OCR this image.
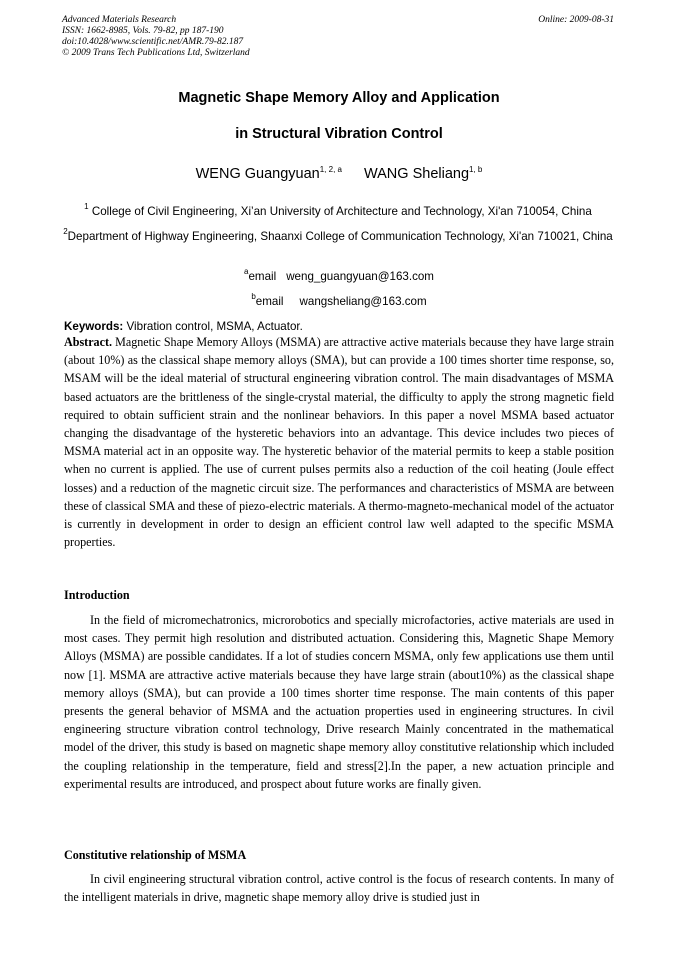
Advanced Materials Research
ISSN: 1662-8985, Vols. 79-82, pp 187-190
doi:10.4028/www.scientific.net/AMR.79-82.187
© 2009 Trans Tech Publications Ltd, Switzerland
Online: 2009-08-31
Magnetic Shape Memory Alloy and Application
in Structural Vibration Control
WENG Guangyuan$^{1, 2, a}$ WANG Sheliang$^{1, b}$
$^1$ College of Civil Engineering, Xi’an University of Architecture and Technology, Xi'an 710054, China
$^2$Department of Highway Engineering, Shaanxi College of Communication Technology, Xi'an 710021, China
$^a$email weng_guangyuan@163.com
$^b$email wangsheliang@163.com
Keywords: Vibration control, MSMA, Actuator.
Abstract. Magnetic Shape Memory Alloys (MSMA) are attractive active materials because they have large strain (about 10%) as the classical shape memory alloys (SMA), but can provide a 100 times shorter time response, so, MSAM will be the ideal material of structural engineering vibration control. The main disadvantages of MSMA based actuators are the brittleness of the single-crystal material, the difficulty to apply the strong magnetic field required to obtain sufficient strain and the nonlinear behaviors. In this paper a novel MSMA based actuator changing the disadvantage of the hysteretic behaviors into an advantage. This device includes two pieces of MSMA material act in an opposite way. The hysteretic behavior of the material permits to keep a stable position when no current is applied. The use of current pulses permits also a reduction of the coil heating (Joule effect losses) and a reduction of the magnetic circuit size. The performances and characteristics of MSMA are between these of classical SMA and these of piezo-electric materials. A thermo-magneto-mechanical model of the actuator is currently in development in order to design an efficient control law well adapted to the specific MSMA properties.
Introduction
In the field of micromechatronics, microrobotics and specially microfactories, active materials are used in most cases. They permit high resolution and distributed actuation. Considering this, Magnetic Shape Memory Alloys (MSMA) are possible candidates. If a lot of studies concern MSMA, only few applications use them until now [1]. MSMA are attractive active materials because they have large strain (about10%) as the classical shape memory alloys (SMA), but can provide a 100 times shorter time response. The main contents of this paper presents the general behavior of MSMA and the actuation properties used in engineering structures. In civil engineering structure vibration control technology, Drive research Mainly concentrated in the mathematical model of the driver, this study is based on magnetic shape memory alloy constitutive relationship which included the coupling relationship in the temperature, field and stress[2].In the paper, a new actuation principle and experimental results are introduced, and prospect about future works are finally given.
Constitutive relationship of MSMA
In civil engineering structural vibration control, active control is the focus of research contents. In many of the intelligent materials in drive, magnetic shape memory alloy drive is studied just in
